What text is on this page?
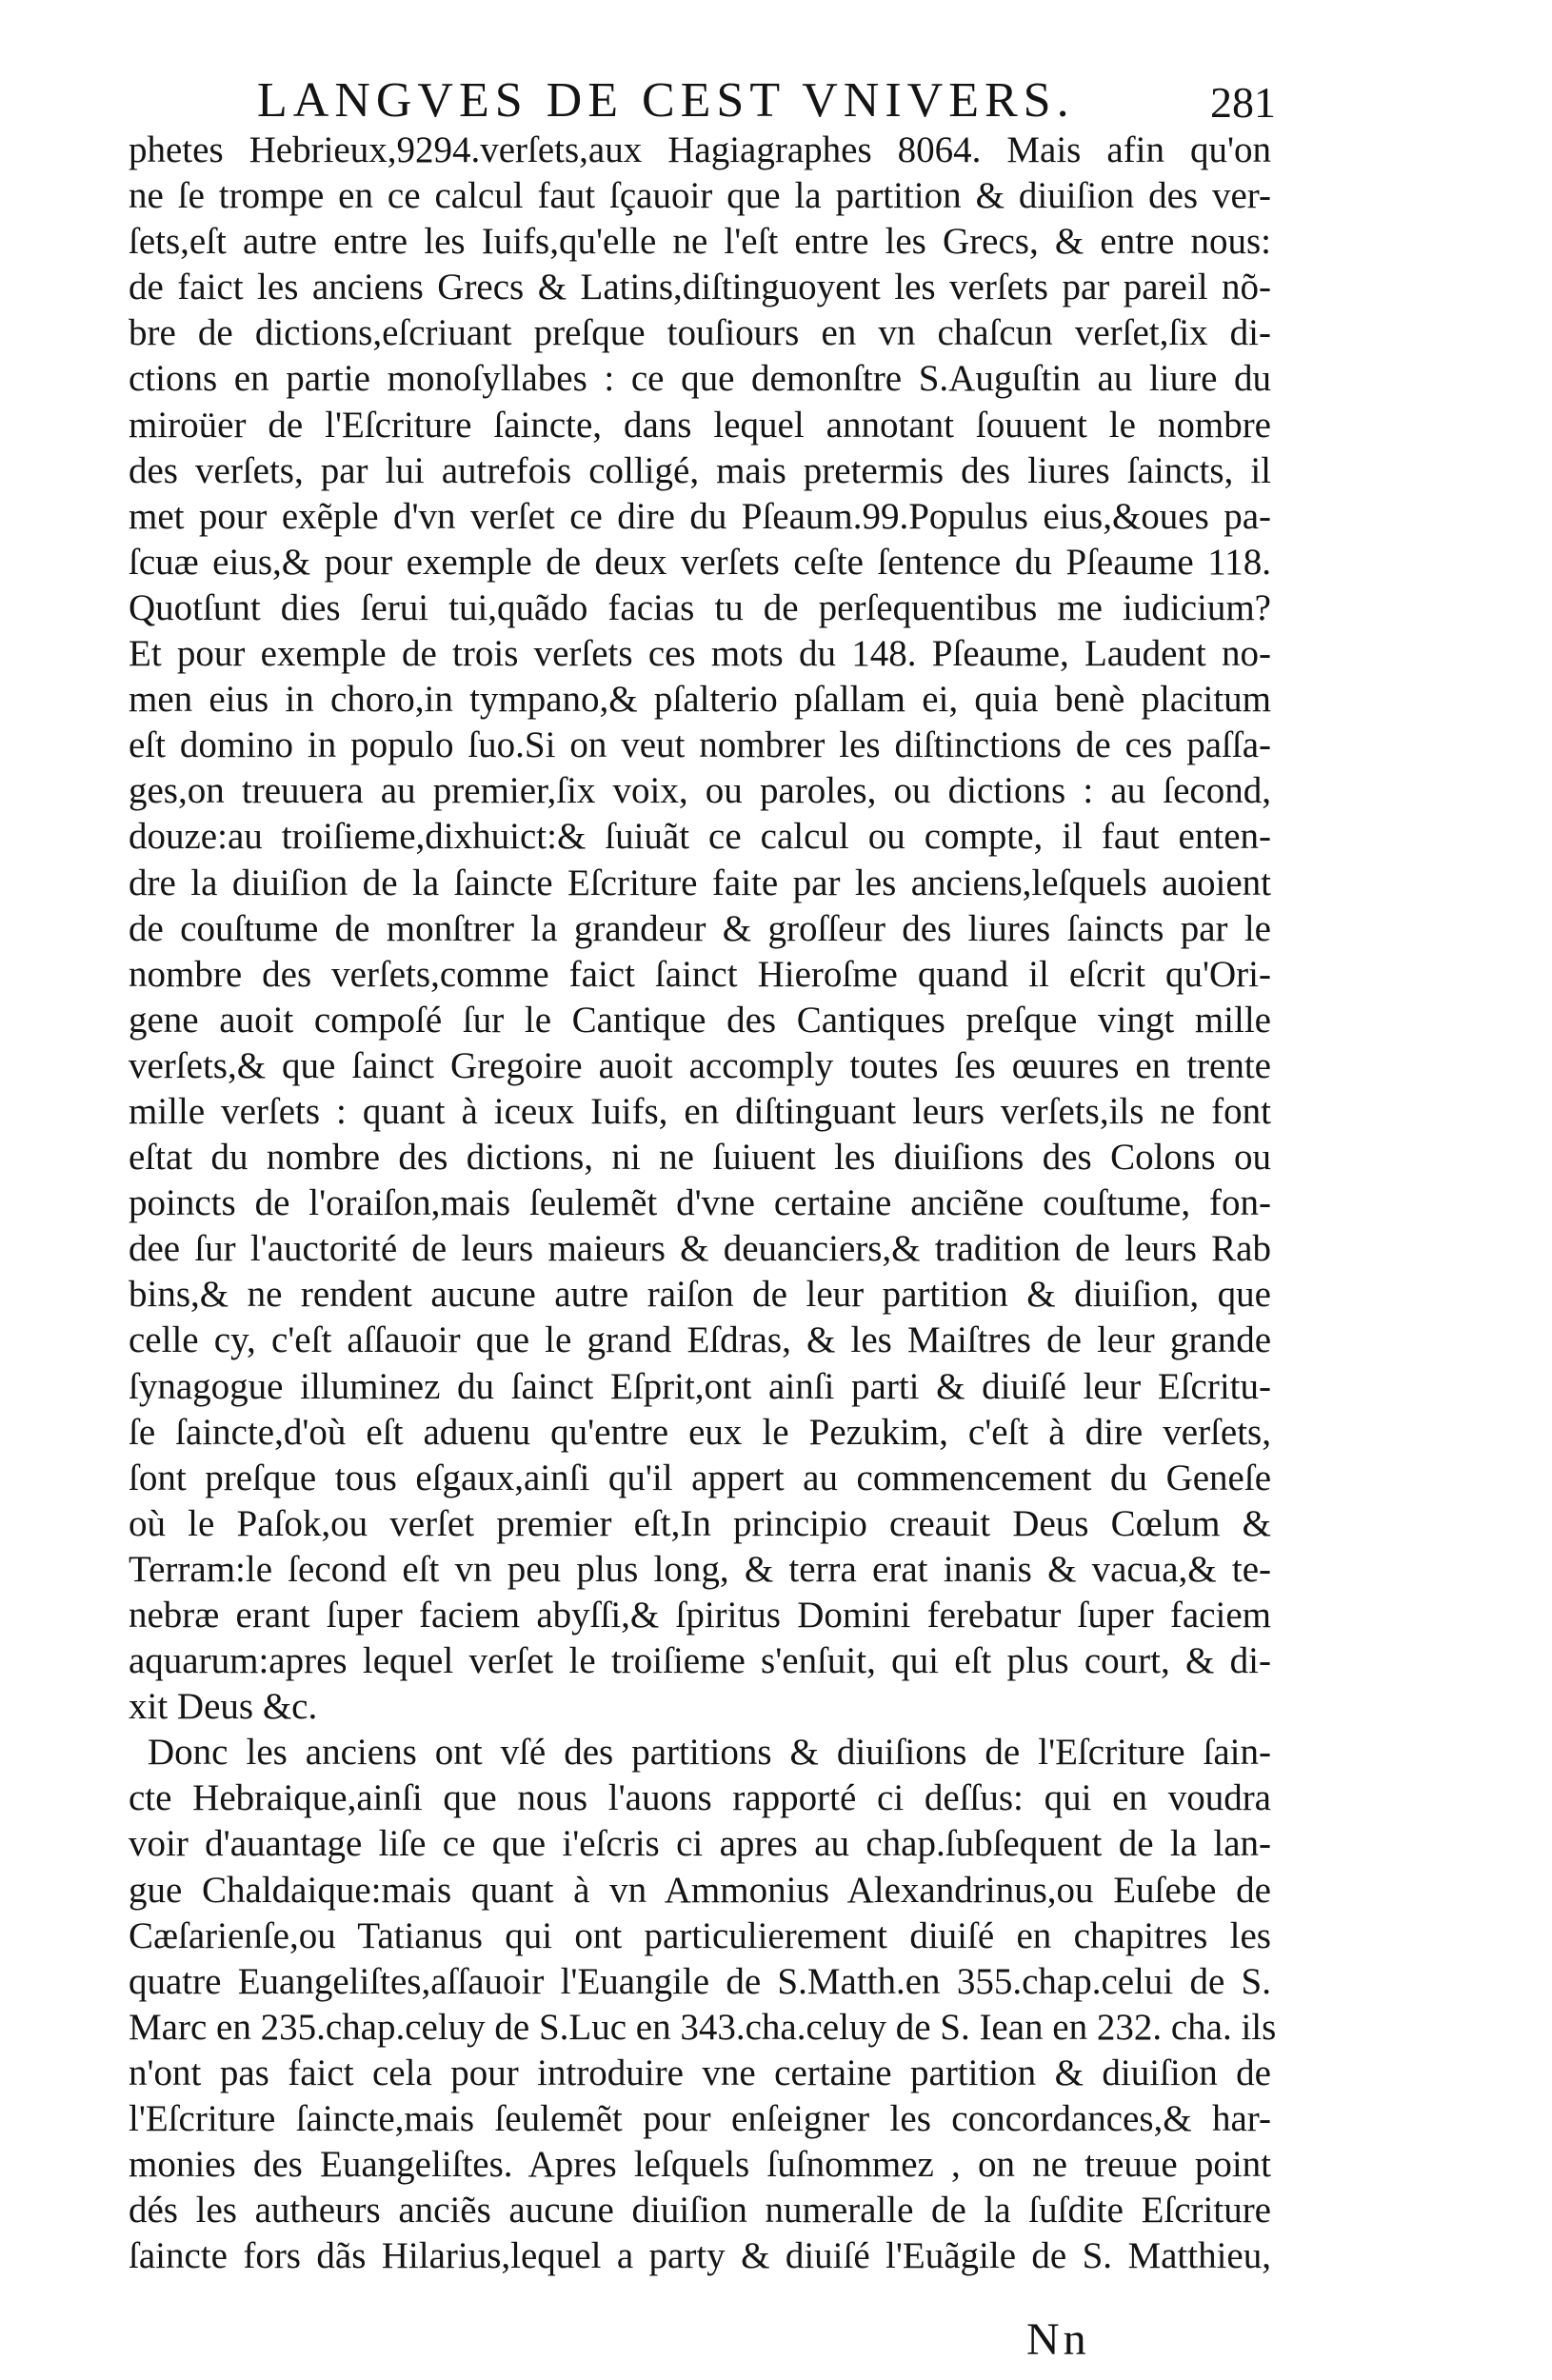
LANGVES DE CEST VNIVERS.	281
phetes Hebrieux,9294.verſets,aux Hagiagraphes 8064. Mais afin qu'on
ne ſe trompe en ce calcul faut ſçauoir que la partition & diuiſion des ver-
ſets,eſt autre entre les Iuifs,qu'elle ne l'eſt entre les Grecs, & entre nous:
de faict les anciens Grecs & Latins,diſtinguoyent les verſets par pareil nõ-
bre de dictions,eſcriuant preſque touſiours en vn chaſcun verſet,ſix di-
ctions en partie monoſyllabes : ce que demonſtre S.Auguſtin au liure du
miroüer de l'Eſcriture ſaincte, dans lequel annotant ſouuent le nombre
des verſets, par lui autrefois colligé, mais pretermis des liures ſaincts, il
met pour exẽple d'vn verſet ce dire du Pſeaum.99.Populus eius,&oues pa-
ſcuæ eius,& pour exemple de deux verſets ceſte ſentence du Pſeaume 118.
Quotſunt dies ſerui tui,quãdo facias tu de perſequentibus me iudicium?
Et pour exemple de trois verſets ces mots du 148. Pſeaume, Laudent no-
men eius in choro,in tympano,& pſalterio pſallam ei, quia benè placitum
eſt domino in populo ſuo.Si on veut nombrer les diſtinctions de ces paſſa-
ges,on treuuera au premier,ſix voix, ou paroles, ou dictions : au ſecond,
douze:au troiſieme,dixhuict:& ſuiuãt ce calcul ou compte, il faut enten-
dre la diuiſion de la ſaincte Eſcriture faite par les anciens,leſquels auoient
de couſtume de monſtrer la grandeur & groſſeur des liures ſaincts par le
nombre des verſets,comme faict ſainct Hieroſme quand il eſcrit qu'Ori-
gene auoit compoſé ſur le Cantique des Cantiques preſque vingt mille
verſets,& que ſainct Gregoire auoit accomply toutes ſes œuures en trente
mille verſets : quant à iceux Iuifs, en diſtinguant leurs verſets,ils ne font
eſtat du nombre des dictions, ni ne ſuiuent les diuiſions des Colons ou
poincts de l'oraiſon,mais ſeulemẽt d'vne certaine anciẽne couſtume, fon-
dee ſur l'auctorité de leurs maieurs & deuanciers,& tradition de leurs Rab
bins,& ne rendent aucune autre raiſon de leur partition & diuiſion, que
celle cy, c'eſt aſſauoir que le grand Eſdras, & les Maiſtres de leur grande
ſynagogue illuminez du ſainct Eſprit,ont ainſi parti & diuiſé leur Eſcritu-
ſe ſaincte,d'où eſt aduenu qu'entre eux le Pezukim, c'eſt à dire verſets,
ſont preſque tous eſgaux,ainſi qu'il appert au commencement du Geneſe
où le Paſok,ou verſet premier eſt,In principio creauit Deus Cœlum &
Terram:le ſecond eſt vn peu plus long, & terra erat inanis & vacua,& te-
nebræ erant ſuper faciem abyſſi,& ſpiritus Domini ferebatur ſuper faciem
aquarum:apres lequel verſet le troiſieme s'enſuit, qui eſt plus court, & di-
xit Deus &c.
Donc les anciens ont vſé des partitions & diuiſions de l'Eſcriture ſain-
cte Hebraique,ainſi que nous l'auons rapporté ci deſſus: qui en voudra
voir d'auantage liſe ce que i'eſcris ci apres au chap.ſubſequent de la lan-
gue Chaldaique:mais quant à vn Ammonius Alexandrinus,ou Euſebe de
Cæſarienſe,ou Tatianus qui ont particulierement diuiſé en chapitres les
quatre Euangeliſtes,aſſauoir l'Euangile de S.Matth.en 355.chap.celui de S.
Marc en 235.chap.celuy de S.Luc en 343.cha.celuy de S. Iean en 232. cha. ils
n'ont pas faict cela pour introduire vne certaine partition & diuiſion de
l'Eſcriture ſaincte,mais ſeulemẽt pour enſeigner les concordances,& har-
monies des Euangeliſtes. Apres leſquels ſuſnommez , on ne treuue point
dés les autheurs anciẽs aucune diuiſion numeralle de la ſuſdite Eſcriture
ſaincte fors dãs Hilarius,lequel a party & diuiſé l'Euãgile de S. Matthieu,
Nn
